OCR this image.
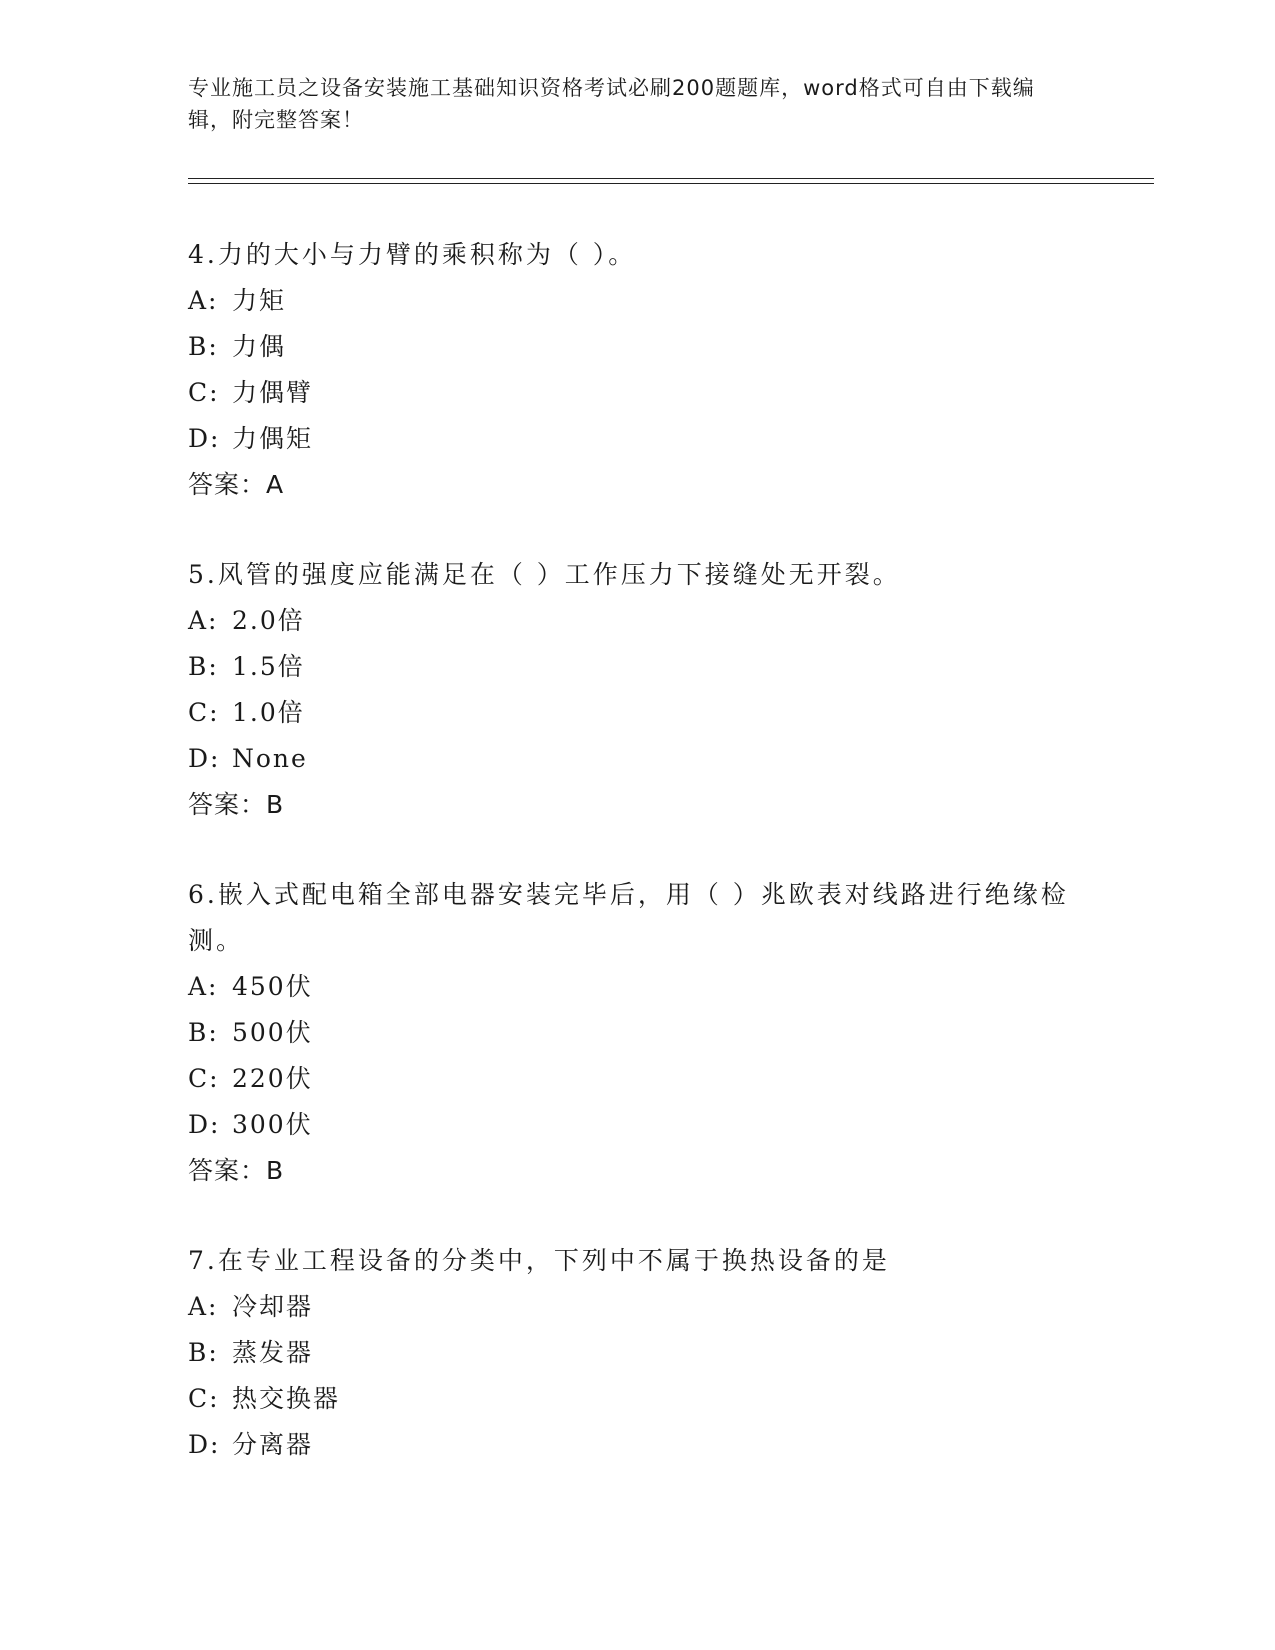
专业施工员之设备安装施工基础知识资格考试必刷200题题库，word格式可自由下载编辑，附完整答案！

4.力的大小与力臂的乘积称为（ ）。

A: 力矩

B: 力偶

C: 力偶臂

D: 力偶矩

答案：A

5.风管的强度应能满足在（ ）工作压力下接缝处无开裂。

A: 2.0倍

B: 1.5倍

C: 1.0倍

D: None

答案：B

6.嵌入式配电箱全部电器安装完毕后，用（ ）兆欧表对线路进行绝缘检测。

A: 450伏

B: 500伏

C: 220伏

D: 300伏

答案：B

7.在专业工程设备的分类中，下列中不属于换热设备的是

A: 冷却器

B: 蒸发器

C: 热交换器

D: 分离器
